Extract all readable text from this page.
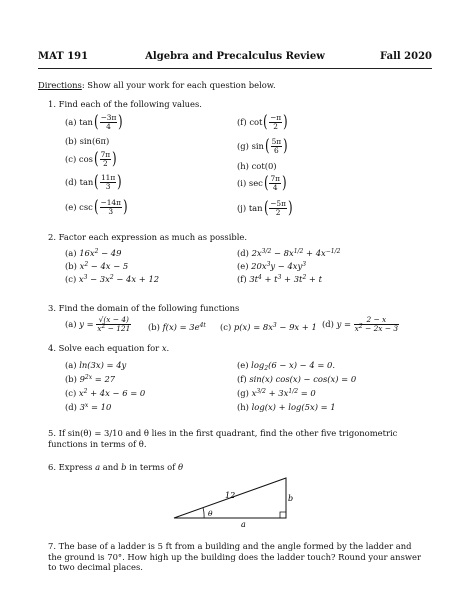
MAT 191	Algebra and Precalculus Review	Fall 2020
Directions: Show all your work for each question below.
1. Find each of the following values.
(a) $\tan( \frac{-3\pi}{4}$ )
(b) sin(6π)
(c) $\cos( \frac{7\pi}{2}$ )
(d) $\tan( \frac{11\pi}{3}$ )
(e) $\csc( \frac{-14\pi}{3}$ )
(f) $\cot( \frac{-\pi}{2}$ )
(g) $\sin( \frac{5\pi}{6}$ )
(h) cot(0)
(i) $\sec( \frac{7\pi}{4}$ )
(j) $\tan( \frac{-5\pi}{2}$ )
2. Factor each expression as much as possible.
(a) $16x^2 - 49$
(b) $x^2 - 4x - 5$
(c) $x^3 - 3x^2 - 4x + 12$
(d) $2x^{3/2} - 8x^{1/2} + 4x^{-1/2}$
(e) $20x^3y - 4xy^3$
(f) $3t^4 + t^3 + 3t^2 + t$
3. Find the domain of the following functions
(a) $y = \frac{√(x - 4)}{x^2 - 121} (b) f(x) = 3e^{4t}$ (c) $p(x) = 8x^3 - 9x + 1$ (d) $y = \frac{2 - x}{x^2 - 2x - 3}$
4. Solve each equation for x.
(a) ln(3x) = 4y
(b) $9^{2x} = 27$
(c) $x^2 + 4x - 6 = 0$
(d) $3^x = 10$
(e) $\log_2(6 - x) - 4 = 0$.
(f) sin(x) cos(x) − cos(x) = 0
(g) $x^{3/2} + 3x^{1/2} = 0$
(h) log(x) + log(5x) = 1
5. If sin(θ) = 3/10 and θ lies in the first quadrant, find the other five trigonometric functions in terms of θ.
6. Express a and b in terms of θ
12	b
a
θ
7. The base of a ladder is 5 ft from a building and the angle formed by the ladder and the ground is 70°. How high up the building does the ladder touch? Round your answer to two decimal places.
